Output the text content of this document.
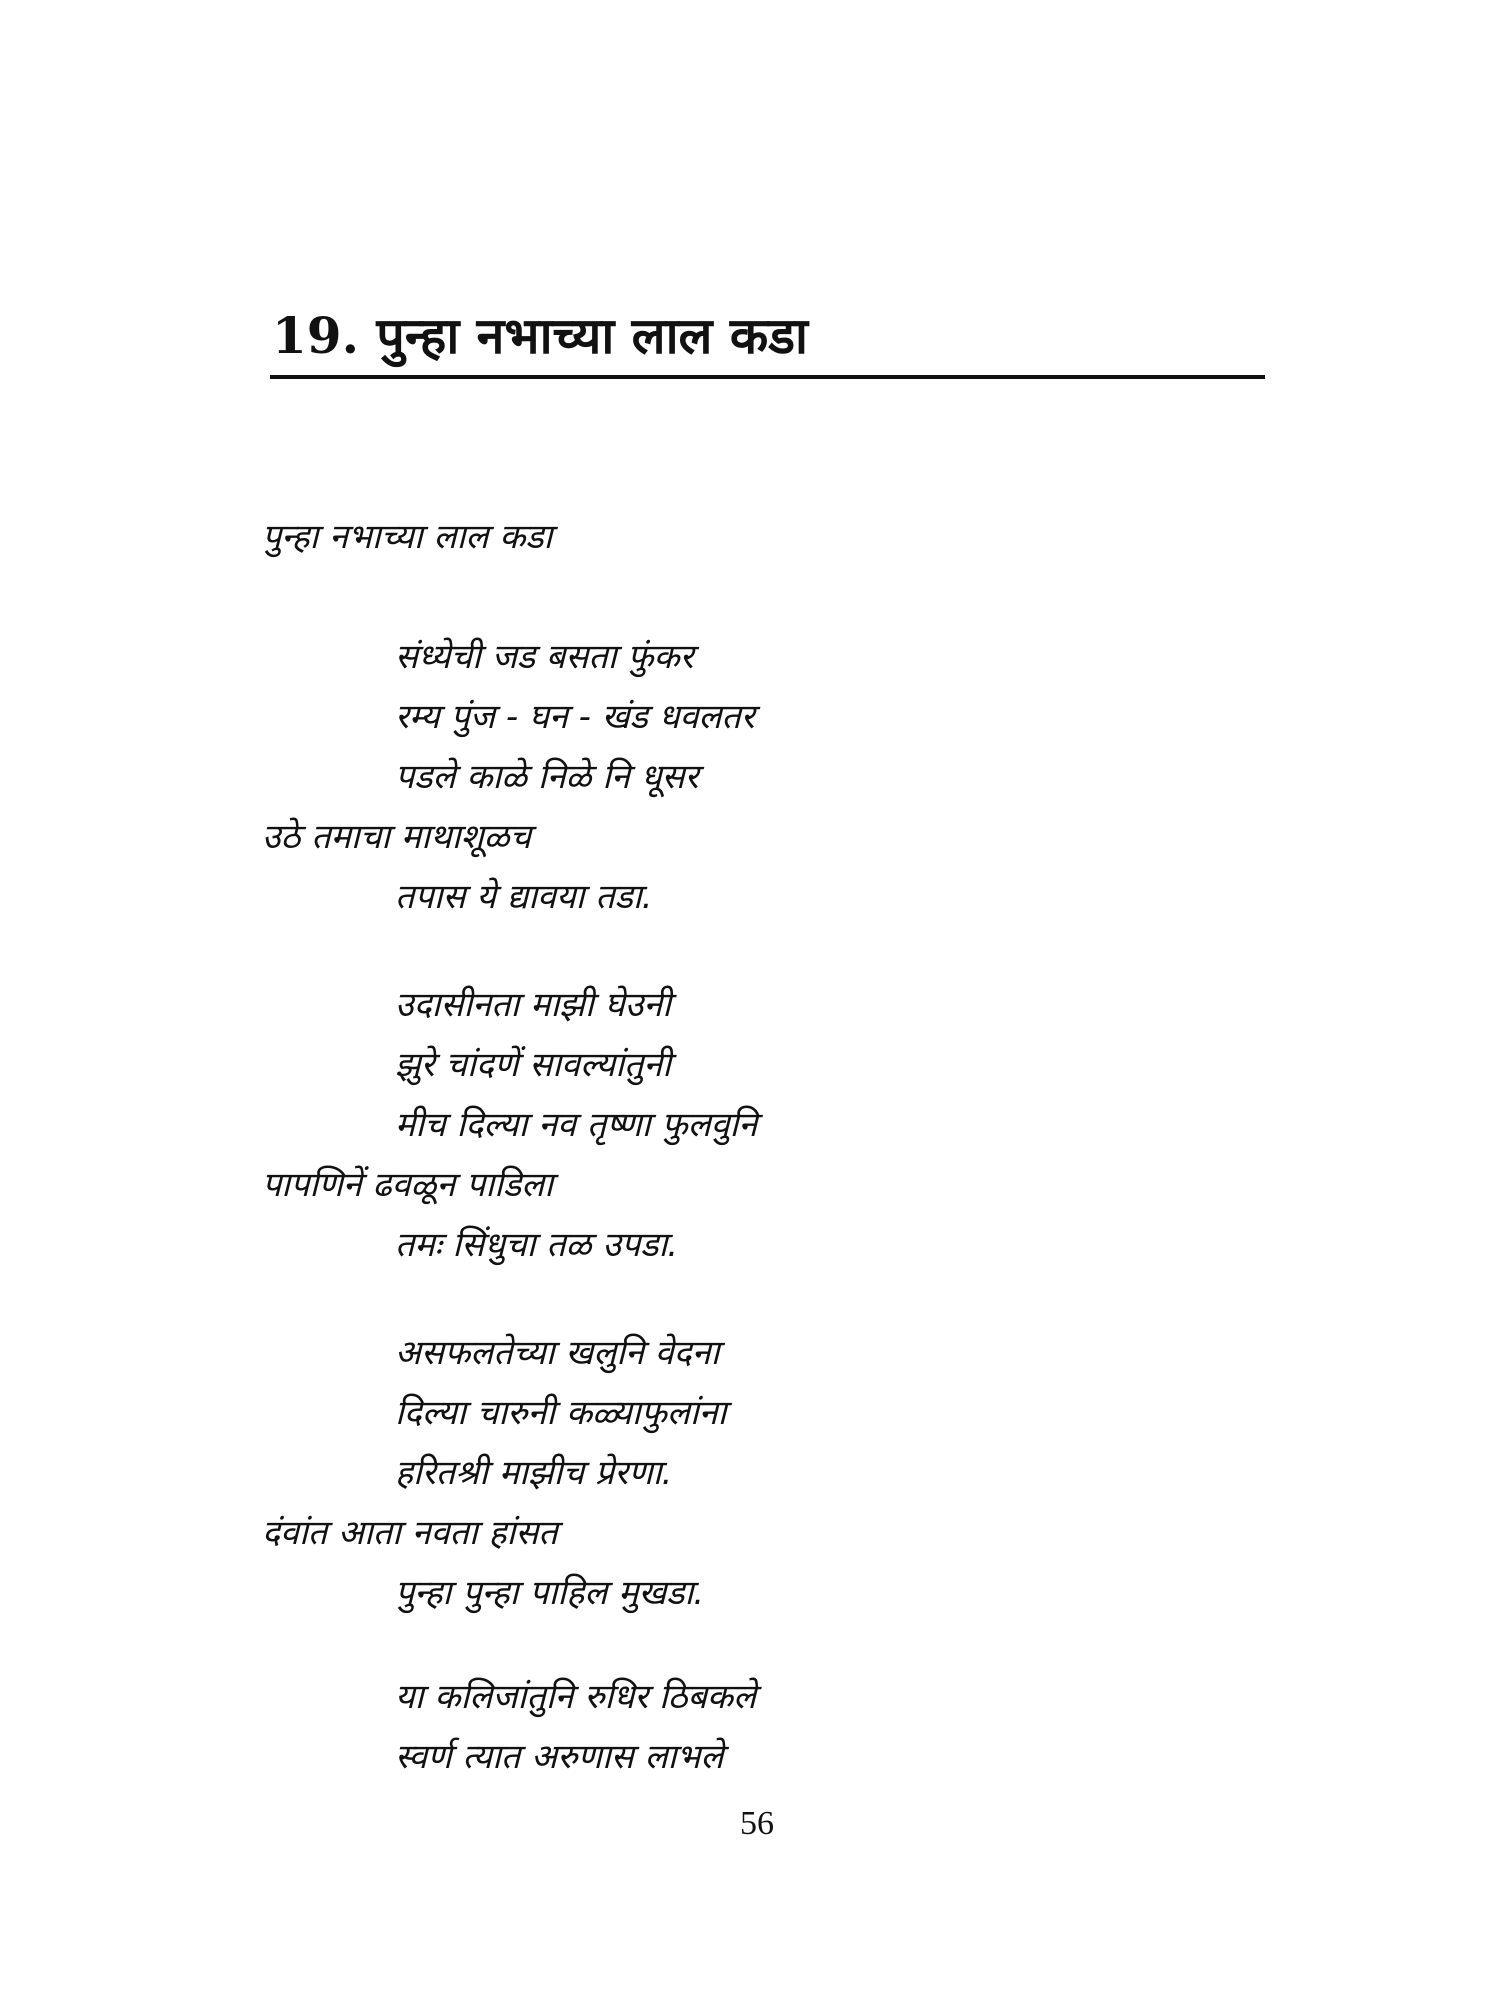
19. पुन्हा नभाच्या लाल कडा
पुन्हा नभाच्या लाल कडा
संध्येची जड बसता फुंकर
रम्य पुंज - घन - खंड धवलतर
पडले काळे निळे नि धूसर
उठे तमाचा माथाशूळच
तपास ये द्यावया तडा.
उदासीनता माझी घेउनी
झुरे चांदणें सावल्यांतुनी
मीच दिल्या नव तृष्णा फुलवुनि
पापणिनें ढवळून पाडिला
तमः सिंधुचा तळ उपडा.
असफलतेच्या खलुनि वेदना
दिल्या चारुनी कळ्याफुलांना
हरितश्री माझीच प्रेरणा.
दंवांत आता नवता हांसत
पुन्हा पुन्हा पाहिल मुखडा.
या कलिजांतुनि रुधिर ठिबकले
स्वर्ण त्यात अरुणास लाभले
56
